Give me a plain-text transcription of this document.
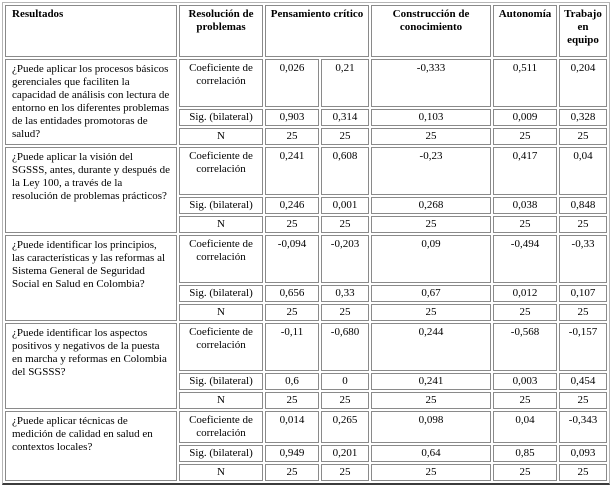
Resultados	Resolución de problemas	Pensamiento crítico		Construcción de conocimiento	Autonomía	Trabajo en equipo
¿Puede aplicar los procesos básicos gerenciales que faciliten la capacidad de análisis con lectura de entorno en los diferentes problemas de las entidades promotoras de salud?	Coeficiente de correlación	0,026	0,21	-0,333	0,511	0,204
	Sig. (bilateral)	0,903	0,314	0,103	0,009	0,328
	N	25	25	25	25	25
¿Puede aplicar la visión del SGSSS, antes, durante y después de la Ley 100, a través de la resolución de problemas prácticos?	Coeficiente de correlación	0,241	0,608	-0,23	0,417	0,04
	Sig. (bilateral)	0,246	0,001	0,268	0,038	0,848
	N	25	25	25	25	25
¿Puede identificar los principios, las características y las reformas al Sistema General de Seguridad Social en Salud en Colombia?	Coeficiente de correlación	-0,094	-0,203	0,09	-0,494	-0,33
	Sig. (bilateral)	0,656	0,33	0,67	0,012	0,107
	N	25	25	25	25	25
¿Puede identificar los aspectos positivos y negativos de la puesta en marcha y reformas en Colombia del SGSSS?	Coeficiente de correlación	-0,11	-0,680	0,244	-0,568	-0,157
	Sig. (bilateral)	0,6	0	0,241	0,003	0,454
	N	25	25	25	25	25
¿Puede aplicar técnicas de medición de calidad en salud en contextos locales?	Coeficiente de correlación	0,014	0,265	0,098	0,04	-0,343
	Sig. (bilateral)	0,949	0,201	0,64	0,85	0,093
	N	25	25	25	25	25
